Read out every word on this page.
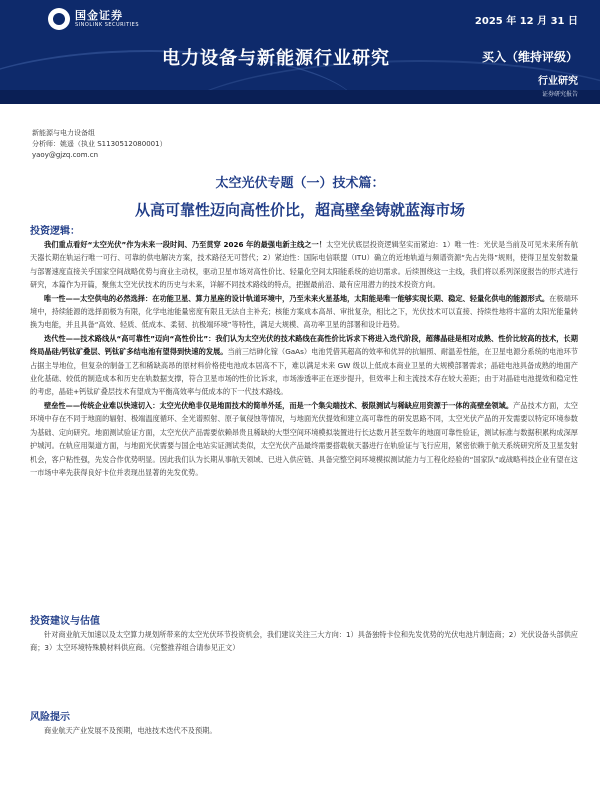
国金证券
SINOLINK SECURITIES	2025 年 12 月 31 日
电力设备与新能源行业研究	买入（维持评级）
行业研究
证券研究报告
新能源与电力设备组
分析师：姚遥（执业 S1130512080001）
yaoy@gjzq.com.cn
太空光伏专题（一）技术篇：
从高可靠性迈向高性价比，超高壁垒铸就蓝海市场
投资逻辑：

我们重点看好“太空光伏”作为未来一段时间、乃至贯穿 2026 年的最强电新主线之一！太空光伏底层投资逻辑坚实而紧迫：1）唯一性：光伏是当前及可见未来所有航天器长期在轨运行唯一可行、可靠的供电解决方案，技术路径无可替代；2）紧迫性：国际电信联盟（ITU）确立的近地轨道与频谱资源“先占先得”规则，使得卫星发射数量与部署速度直接关乎国家空间战略优势与商业主动权，驱动卫星市场对高性价比、轻量化空间太阳能系统的迫切需求。后续围绕这一主线，我们将以系列深度报告的形式进行研究，本篇作为开篇，聚焦太空光伏技术的历史与未来，详解不同技术路线的特点，把握最前沿、最有应用潜力的技术投资方向。

唯一性——太空供电的必然选择：在功能卫星、算力星座的设计轨道环境中，乃至未来火星基地，太阳能是唯一能够实现长期、稳定、轻量化供电的能源形式。在极端环境中，持续能源的选择面极为有限，化学电池能量密度有限且无法自主补充；核能方案成本高昂、审批复杂，相比之下，光伏技术可以直接、持续性地将丰富的太阳光能量转换为电能，并且具备“高效、轻质、低成本、柔韧、抗极端环境”等特性，满足大规模、高功率卫星的部署和设计趋势。

迭代性——技术路线从“高可靠性”迈向“高性价比”：我们认为太空光伏的技术路线在高性价比诉求下将进入迭代阶段，超薄晶硅是相对成熟、性价比较高的技术，长期终局晶硅/钙钛矿叠层、钙钛矿多结电池有望得到快速的发展。当前三结砷化镓（GaAs）电池凭借其超高的效率和优异的抗辐照、耐温差性能，在卫星电源分系统的电池环节占据主导地位，但复杂的制备工艺和稀缺高昂的原材料价格使电池成本居高不下，难以满足未来 GW 级以上低成本商业卫星的大规模部署需求；晶硅电池具备成熟的地面产业化基础、较低的制造成本和历史在轨数据支撑，符合卫星市场的性价比诉求，市场渗透率正在逐步提升，但效率上和主流技术存在较大差距；由于对晶硅电池提效和稳定性的考虑，晶硅+钙钛矿叠层技术有望成为平衡高效率与低成本的下一代技术路线。

壁垒性——传统企业难以快速切入：太空光伏绝非仅是地面技术的简单外延，而是一个集尖端技术、极限测试与稀缺应用资源于一体的高壁垒领域。产品技术方面，太空环境中存在不同于地面的辐射、极端温度循环、全光谱照射、原子氧侵蚀等情况，与地面光伏提效和建立高可靠性的研发思路不同，太空光伏产品的开发需要以特定环境参数为基础、定向研究。地面测试验证方面，太空光伏产品需要依赖昂贵且稀缺的大型空间环境模拟装置进行长达数月甚至数年的地面可靠性验证，测试标准与数据积累构成深厚护城河。在轨应用渠道方面，与地面光伏需要与国企电站实证测试类似，太空光伏产品最终需要搭载航天器进行在轨验证与飞行应用，紧密依赖于航天系统研究所及卫星发射机会，客户粘性强，先发合作优势明显。因此我们认为长期从事航天领域、已进入供应链、具备完整空间环境模拟测试能力与工程化经验的“国家队”或战略科技企业有望在这一市场中率先获得良好卡位并表现出显著的先发优势。

投资建议与估值

针对商业航天加速以及太空算力规划所带来的太空光伏环节投资机会，我们建议关注三大方向：1）具备独特卡位和先发优势的光伏电池片制造商；2）光伏设备头部供应商；3）太空环境特殊膜材料供应商。（完整推荐组合请参见正文）

风险提示

商业航天产业发展不及预期，电池技术迭代不及预期。
